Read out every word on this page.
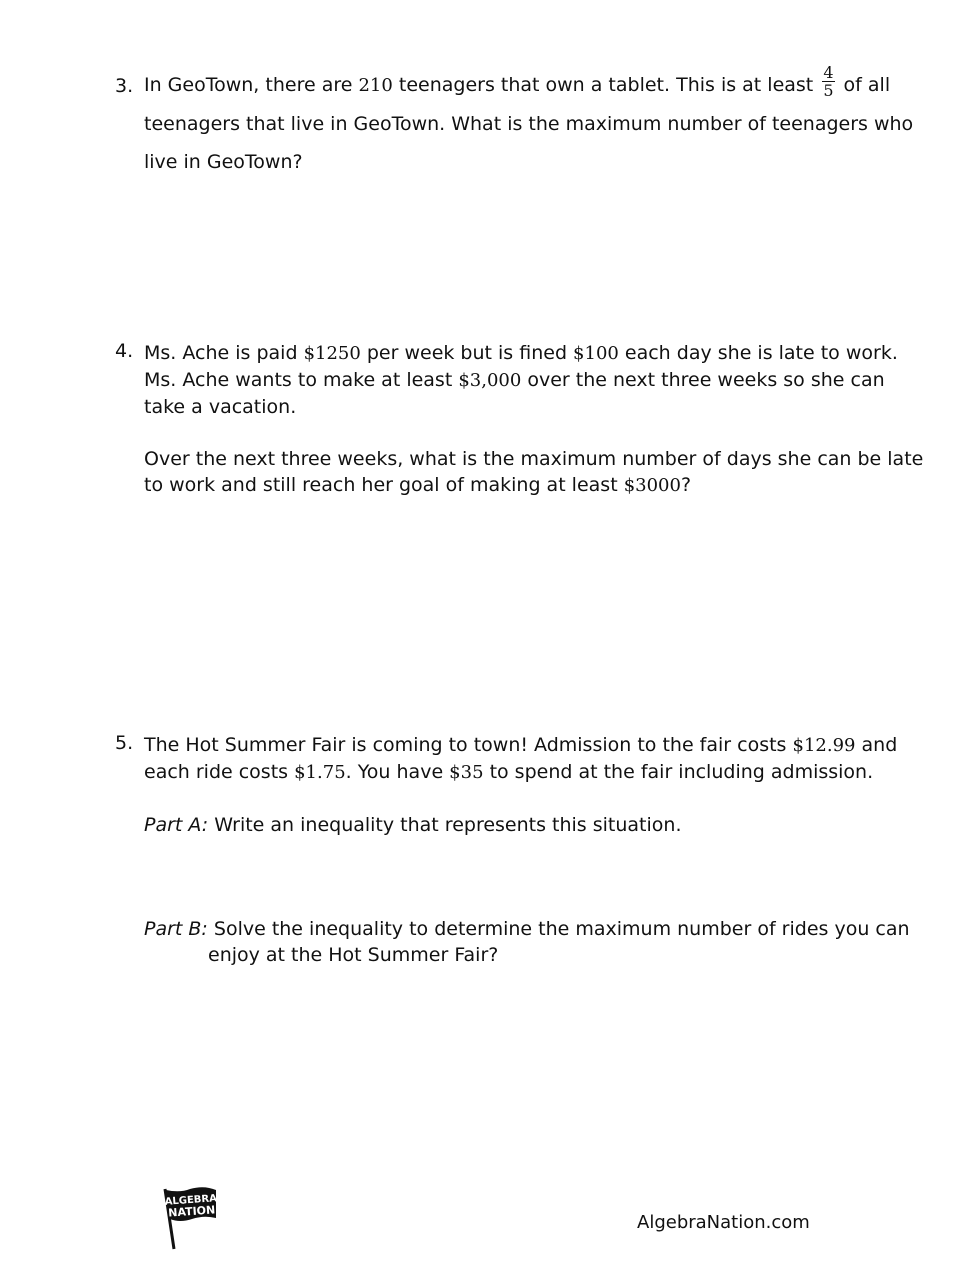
3. In GeoTown, there are 210 teenagers that own a tablet. This is at least $\frac{4}{5}$ of all teenagers that live in GeoTown. What is the maximum number of teenagers who live in GeoTown?
4. Ms. Ache is paid $1250 per week but is fined $100 each day she is late to work. Ms. Ache wants to make at least $3,000 over the next three weeks so she can take a vacation.
Over the next three weeks, what is the maximum number of days she can be late to work and still reach her goal of making at least $3000?
5. The Hot Summer Fair is coming to town! Admission to the fair costs $12.99 and each ride costs $1.75. You have $35 to spend at the fair including admission.
Part A: Write an inequality that represents this situation.
Part B: Solve the inequality to determine the maximum number of rides you can enjoy at the Hot Summer Fair?
ALGEBRA
NATION
AlgebraNation.com
